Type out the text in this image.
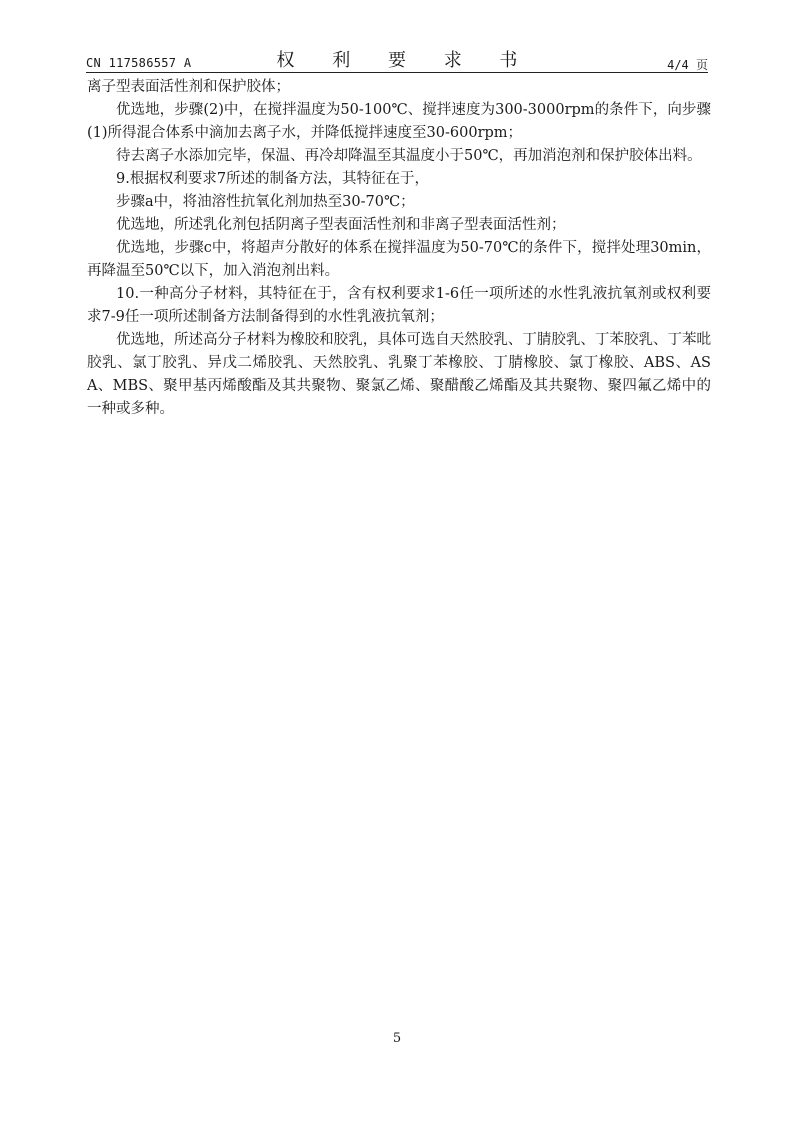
CN 117586557 A	权 利 要 求 书	4/4 页

离子型表面活性剂和保护胶体；

优选地，步骤(2)中，在搅拌温度为50-100℃、搅拌速度为300-3000rpm的条件下，向步骤(1)所得混合体系中滴加去离子水，并降低搅拌速度至30-600rpm；

待去离子水添加完毕，保温、再冷却降温至其温度小于50℃，再加消泡剂和保护胶体出料。

9.根据权利要求7所述的制备方法，其特征在于，

步骤a中，将油溶性抗氧化剂加热至30-70℃；

优选地，所述乳化剂包括阴离子型表面活性剂和非离子型表面活性剂；

优选地，步骤c中，将超声分散好的体系在搅拌温度为50-70℃的条件下，搅拌处理30min，再降温至50℃以下，加入消泡剂出料。

10.一种高分子材料，其特征在于，含有权利要求1-6任一项所述的水性乳液抗氧剂或权利要求7-9任一项所述制备方法制备得到的水性乳液抗氧剂；

优选地，所述高分子材料为橡胶和胶乳，具体可选自天然胶乳、丁腈胶乳、丁苯胶乳、丁苯吡胶乳、氯丁胶乳、异戊二烯胶乳、天然胶乳、乳聚丁苯橡胶、丁腈橡胶、氯丁橡胶、ABS、ASA、MBS、聚甲基丙烯酸酯及其共聚物、聚氯乙烯、聚醋酸乙烯酯及其共聚物、聚四氟乙烯中的一种或多种。

5
